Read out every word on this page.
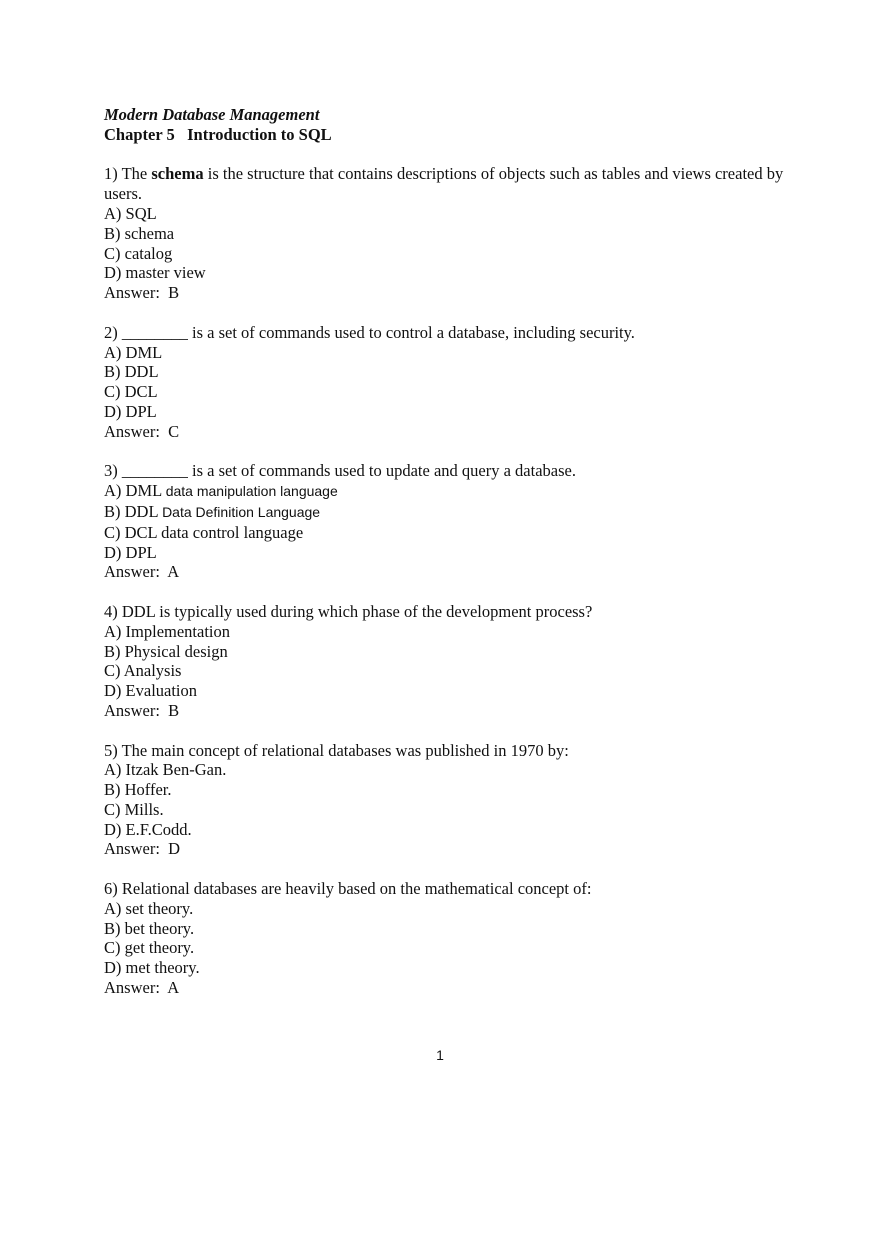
Modern Database Management
Chapter 5   Introduction to SQL
1) The schema is the structure that contains descriptions of objects such as tables and views created by users.
A) SQL
B) schema
C) catalog
D) master view
Answer:  B
2) ________ is a set of commands used to control a database, including security.
A) DML
B) DDL
C) DCL
D) DPL
Answer:  C
3) ________ is a set of commands used to update and query a database.
A) DML data manipulation language
B) DDL Data Definition Language
C) DCL data control language
D) DPL
Answer:  A
4) DDL is typically used during which phase of the development process?
A) Implementation
B) Physical design
C) Analysis
D) Evaluation
Answer:  B
5) The main concept of relational databases was published in 1970 by:
A) Itzak Ben-Gan.
B) Hoffer.
C) Mills.
D) E.F.Codd.
Answer:  D
6) Relational databases are heavily based on the mathematical concept of:
A) set theory.
B) bet theory.
C) get theory.
D) met theory.
Answer:  A
1
